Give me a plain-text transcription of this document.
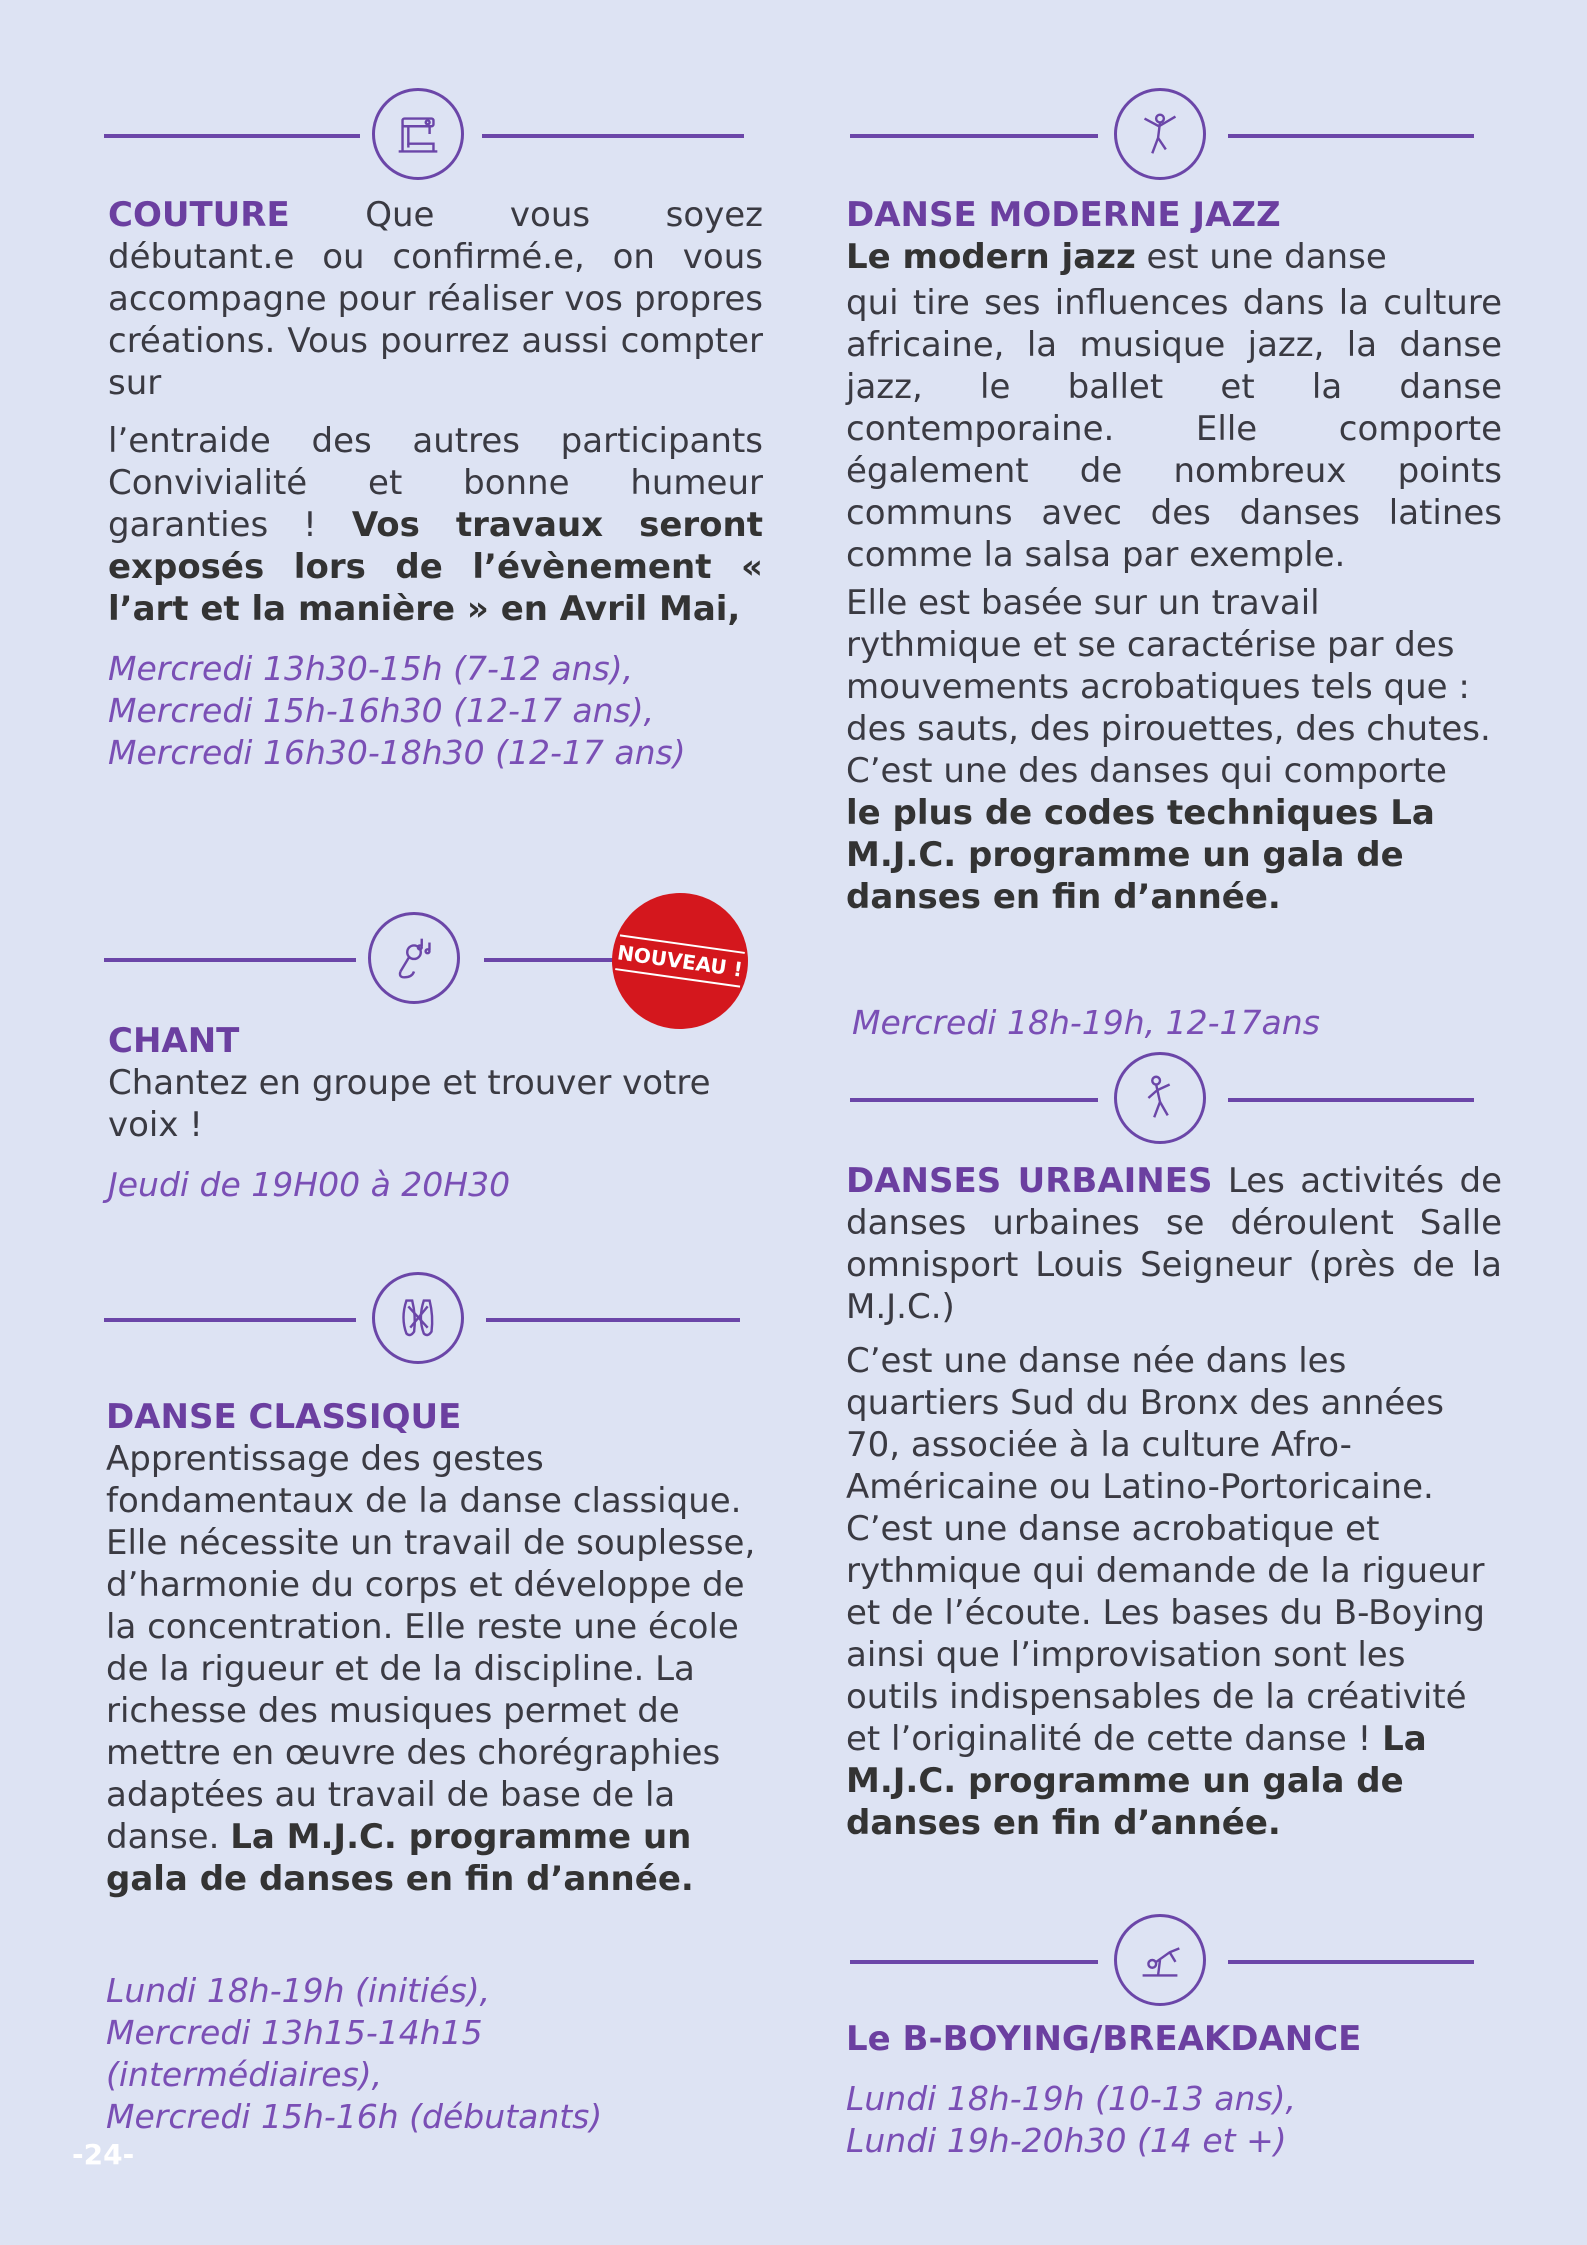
COUTURE Que vous soyez débutant.e ou confirmé.e, on vous accompagne pour réaliser vos propres créations. Vous pourrez aussi compter sur
l’entraide des autres participants Convivialité et bonne humeur garanties ! Vos travaux seront exposés lors de l’évènement « l’art et la manière » en Avril Mai,
Mercredi 13h30-15h (7-12 ans),
Mercredi 15h-16h30 (12-17 ans),
Mercredi 16h30-18h30 (12-17 ans)
NOUVEAU !
CHANT
Chantez en groupe et trouver votre voix !
Jeudi de 19H00 à 20H30
DANSE CLASSIQUE
Apprentissage des gestes fondamentaux de la danse classique. Elle nécessite un travail de souplesse, d’harmonie du corps et développe de la concentration. Elle reste une école de la rigueur et de la discipline. La richesse des musiques permet de mettre en œuvre des chorégraphies adaptées au travail de base de la danse. La M.J.C. programme un gala de danses en fin d’année.
Lundi 18h-19h (initiés),
Mercredi 13h15-14h15 (intermédiaires),
Mercredi 15h-16h (débutants)
-24-
DANSE MODERNE JAZZ
Le modern jazz est une danse
qui tire ses influences dans la culture africaine, la musique jazz, la danse jazz, le ballet et la danse contemporaine. Elle comporte également de nombreux points communs avec des danses latines comme la salsa par exemple.
Elle est basée sur un travail rythmique et se caractérise par des mouvements acrobatiques tels que : des sauts, des pirouettes, des chutes. C’est une des danses qui comporte
le plus de codes techniques La M.J.C. programme un gala de danses en fin d’année.
Mercredi 18h-19h, 12-17ans
DANSES URBAINES Les activités de danses urbaines se déroulent Salle omnisport Louis Seigneur (près de la M.J.C.)
C’est une danse née dans les quartiers Sud du Bronx des années 70, associée à la culture Afro- Américaine ou Latino-Portoricaine. C’est une danse acrobatique et rythmique qui demande de la rigueur et de l’écoute. Les bases du B-Boying ainsi que l’improvisation sont les outils indispensables de la créativité et l’originalité de cette danse ! La M.J.C. programme un gala de danses en fin d’année.
Le B-BOYING/BREAKDANCE
Lundi 18h-19h (10-13 ans),
Lundi 19h-20h30 (14 et +)
